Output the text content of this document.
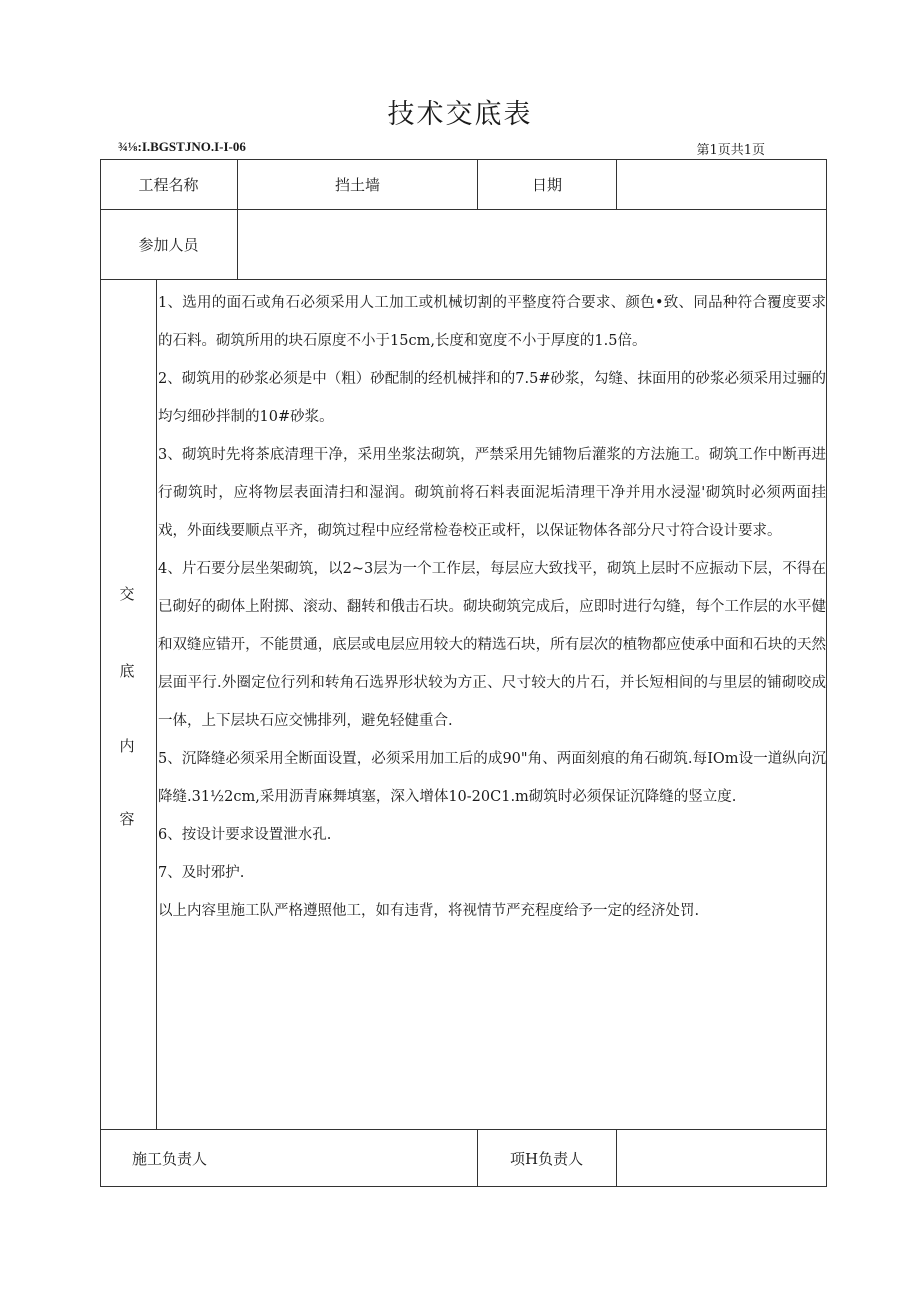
技术交底表
¾⅛:I.BGSTJNO.I-I-06	第1页共1页
工程名称	挡土墙	日期
参加人员
交
底
内
容

1、选用的面石或角石必须采用人工加工或机械切割的平整度符合要求、颜色•致、同品种符合覆度要求的石料。砌筑所用的块石原度不小于15cm,长度和宽度不小于厚度的1.5倍。

2、砌筑用的砂浆必须是中（粗）砂配制的经机械拌和的7.5#砂浆，勾缝、抹面用的砂浆必须采用过骊的均匀细砂拌制的10#砂浆。

3、砌筑时先将茶底清理干净，采用坐浆法砌筑，严禁采用先铺物后灌浆的方法施工。砌筑工作中断再进行砌筑时，应将物层表面清扫和湿润。砌筑前将石料表面泥垢清理干净并用水浸湿'砌筑时必须两面挂戏，外面线要顺点平齐，砌筑过程中应经常检卷校正或杆，以保证物体各部分尺寸符合设计要求。

4、片石要分层坐架砌筑，以2~3层为一个工作层，每层应大致找平，砌筑上层时不应振动下层，不得在已砌好的砌体上附掷、滚动、翻转和俄击石块。砌块砌筑完成后，应即时进行勾缝，每个工作层的水平健和双缝应错开，不能贯通，底层或电层应用较大的精选石块，所有层次的植物都应使承中面和石块的天然层面平行.外圈定位行列和转角石选界形状较为方正、尺寸较大的片石，并长短相间的与里层的铺砌咬成一体，上下层块石应交怫排列，避免轻健重合.

5、沉降缝必须采用全断面设置，必须采用加工后的成90"角、两面刻痕的角石砌筑.每IOm设一道纵向沉降缝.31½2cm,采用沥青麻舞填塞，深入增体10-20C1.m砌筑时必须保证沉降缝的竖立度.

6、按设计要求设置泄水孔.

7、及时邪护.

以上内容里施工队严格遵照他工，如有违背，将视情节严充程度给予一定的经济处罚.

施工负责人	项H负责人
